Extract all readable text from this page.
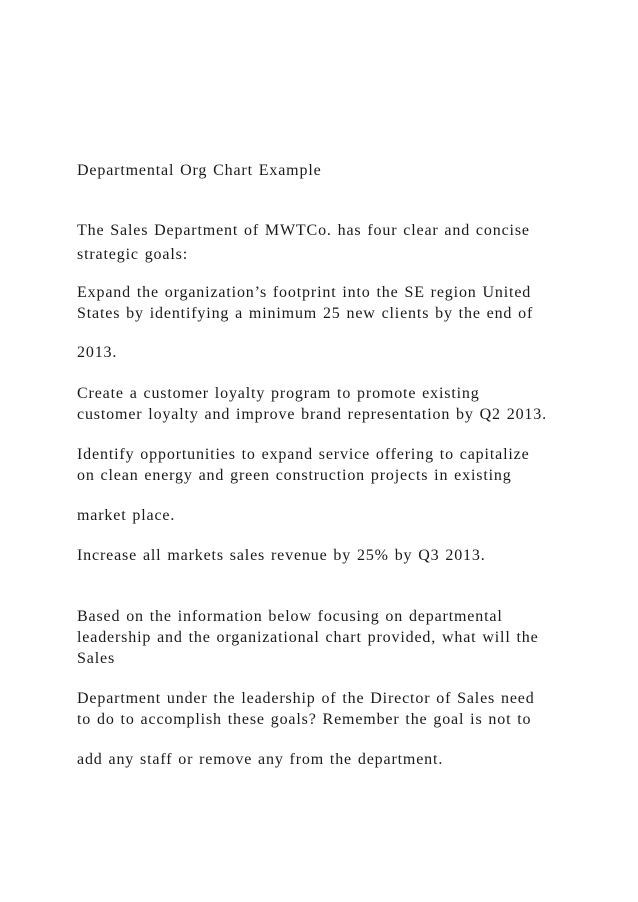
Departmental Org Chart Example
The Sales Department of MWTCo. has four clear and concise
strategic goals:
Expand the organization’s footprint into the SE region United
States by identifying a minimum 25 new clients by the end of
2013.
Create a customer loyalty program to promote existing
customer loyalty and improve brand representation by Q2 2013.
Identify opportunities to expand service offering to capitalize
on clean energy and green construction projects in existing
market place.
Increase all markets sales revenue by 25% by Q3 2013.
Based on the information below focusing on departmental
leadership and the organizational chart provided, what will the
Sales
Department under the leadership of the Director of Sales need
to do to accomplish these goals? Remember the goal is not to
add any staff or remove any from the department.
